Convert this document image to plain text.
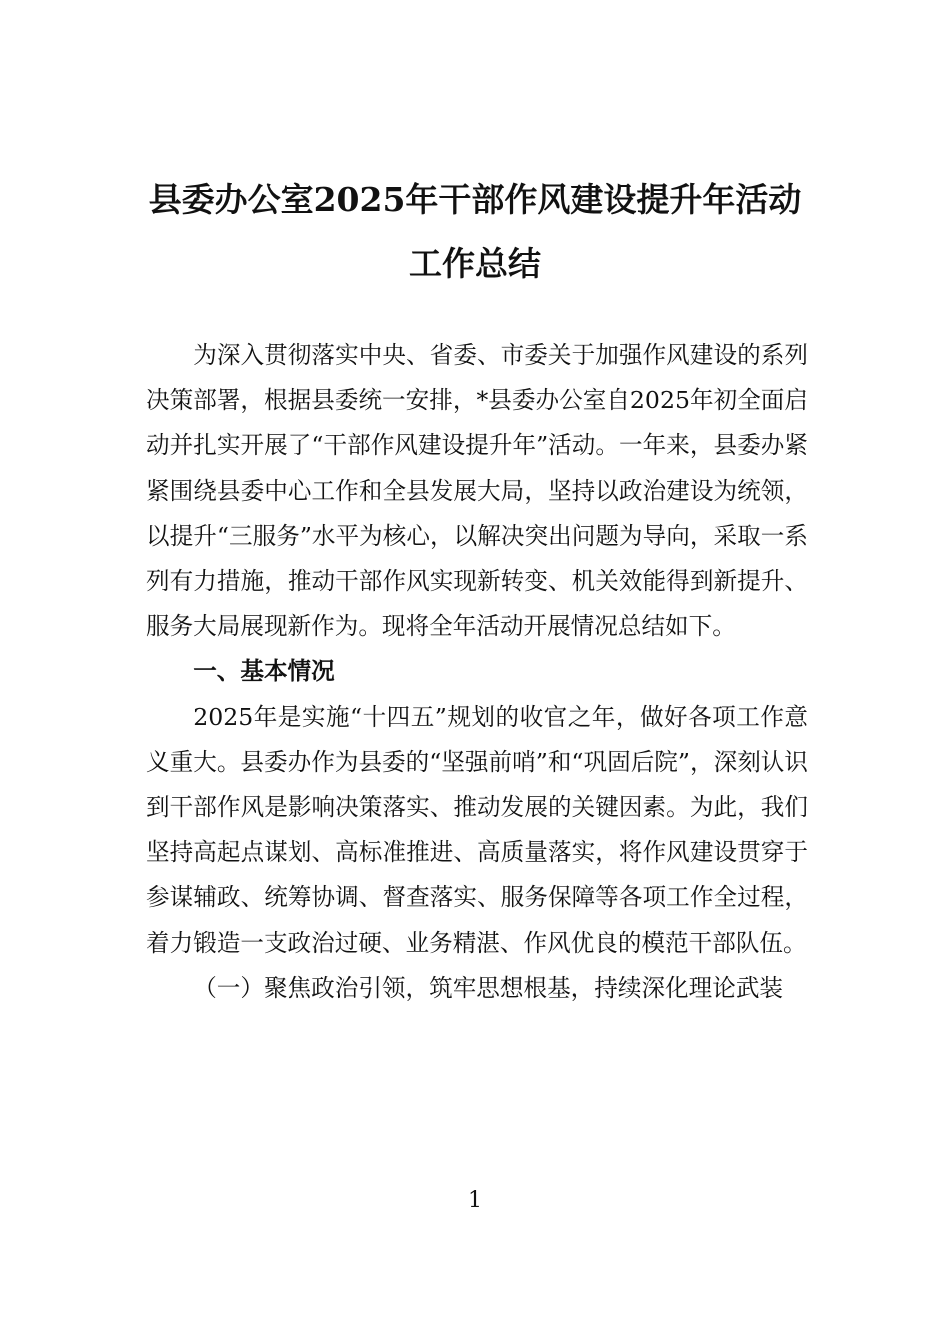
县委办公室2025年干部作风建设提升年活动工作总结

为深入贯彻落实中央、省委、市委关于加强作风建设的系列决策部署，根据县委统一安排，*县委办公室自2025年初全面启动并扎实开展了“干部作风建设提升年”活动。一年来，县委办紧紧围绕县委中心工作和全县发展大局，坚持以政治建设为统领，以提升“三服务”水平为核心，以解决突出问题为导向，采取一系列有力措施，推动干部作风实现新转变、机关效能得到新提升、服务大局展现新作为。现将全年活动开展情况总结如下。

一、基本情况

2025年是实施“十四五”规划的收官之年，做好各项工作意义重大。县委办作为县委的“坚强前哨”和“巩固后院”，深刻认识到干部作风是影响决策落实、推动发展的关键因素。为此，我们坚持高起点谋划、高标准推进、高质量落实，将作风建设贯穿于参谋辅政、统筹协调、督查落实、服务保障等各项工作全过程，着力锻造一支政治过硬、业务精湛、作风优良的模范干部队伍。

（一）聚焦政治引领，筑牢思想根基，持续深化理论武装

1
